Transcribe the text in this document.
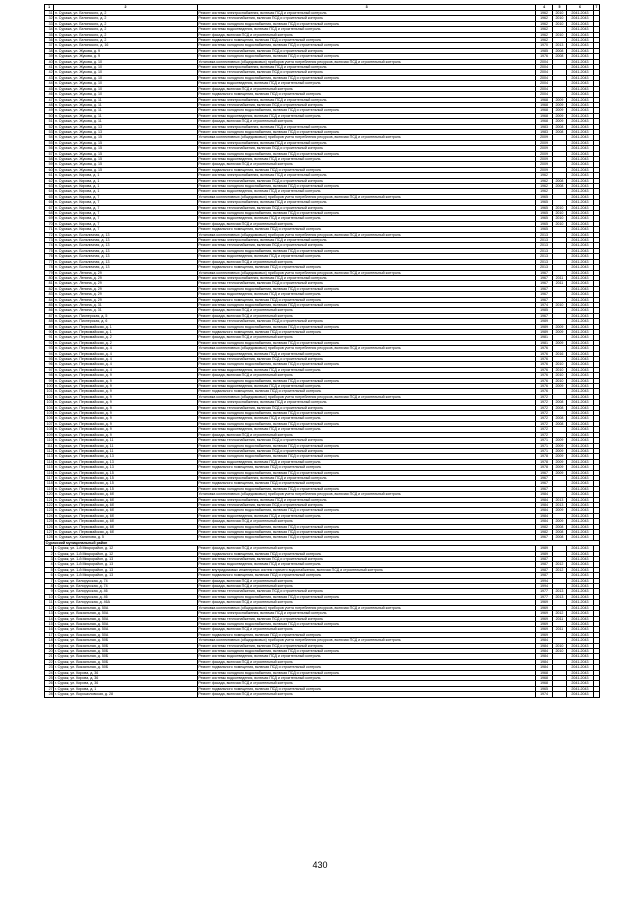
1	2	3	4	5	6	7
31	п. Суража, ул. Белинского, д. 2	Ремонт системы электроснабжения, включая ПСД и строительный контроль	1962	2010	2041-2043	
32	п. Суража, ул. Белинского, д. 2	Ремонт системы теплоснабжения, включая ПСД и строительный контроль	1962	2010	2041-2043	
33	п. Суража, ул. Белинского, д. 2	Ремонт системы холодного водоснабжения, включая ПСД и строительный контроль	1962	2010	2041-2043	
34	п. Суража, ул. Белинского, д. 2	Ремонт системы водоотведения, включая ПСД и строительный контроль	1962		2041-2043	
35	п. Суража, ул. Белинского, д. 2	Ремонт фасада, включая ПСД и строительный контроль	1962	2010	2041-2043	
36	п. Суража, ул. Белинского, д. 2	Ремонт подвального помещения, включая ПСД и строительный контроль	1962		2041-2043	
37	п. Суража, ул. Белинского, д. 16	Ремонт системы холодного водоснабжения, включая ПСД и строительный контроль	1970	2013	2041-2043	
38	п. Суража, ул. Жукова, д. 9	Ремонт системы теплоснабжения, включая ПСД и строительный контроль	1985	2008	2041-2043	
39	п. Суража, ул. Жукова, д. 9	Ремонт системы холодного водоснабжения, включая ПСД и строительный контроль	1976	2008	2041-2043	
40	п. Суража, ул. Жукова, д. 10	Установка коллективных (общедомовых) приборов учета потребления ресурсов, включая ПСД и строительный контроль	2004		2041-2043	
41	п. Суража, ул. Жукова, д. 10	Ремонт системы электроснабжения, включая ПСД и строительный контроль	2004		2041-2043	
42	п. Суража, ул. Жукова, д. 10	Ремонт системы теплоснабжения, включая ПСД и строительный контроль	2004		2041-2043	
43	п. Суража, ул. Жукова, д. 10	Ремонт системы холодного водоснабжения, включая ПСД и строительный контроль	2004		2041-2043	
44	п. Суража, ул. Жукова, д. 10	Ремонт системы водоотведения, включая ПСД и строительный контроль	2004		2041-2043	
45	п. Суража, ул. Жукова, д. 10	Ремонт фасада, включая ПСД и строительный контроль	2004		2041-2043	
46	п. Суража, ул. Жукова, д. 10	Ремонт подвального помещения, включая ПСД и строительный контроль	2004		2041-2043	
47	п. Суража, ул. Жукова, д. 11	Ремонт системы электроснабжения, включая ПСД и строительный контроль	1968	2009	2041-2043	
48	п. Суража, ул. Жукова, д. 11	Ремонт системы теплоснабжения, включая ПСД и строительный контроль	1968	2009	2041-2043	
49	п. Суража, ул. Жукова, д. 11	Ремонт системы холодного водоснабжения, включая ПСД и строительный контроль	1968	2009	2041-2043	
50	п. Суража, ул. Жукова, д. 11	Ремонт системы водоотведения, включая ПСД и строительный контроль	1968	2009	2041-2043	
51	п. Суража, ул. Жукова, д. 11	Ремонт фасада, включая ПСД и строительный контроль	1968	2009	2041-2043	
52	п. Суража, ул. Жукова, д. 13	Ремонт системы электроснабжения, включая ПСД и строительный контроль	1983	2008	2041-2043	
53	п. Суража, ул. Жукова, д. 13	Ремонт системы холодного водоснабжения, включая ПСД и строительный контроль	1983	2008	2041-2043	
54	п. Суража, ул. Жукова, д. 15	Установка коллективных (общедомовых) приборов учета потребления ресурсов, включая ПСД и строительный контроль	2009		2041-2043	
55	п. Суража, ул. Жукова, д. 15	Ремонт системы электроснабжения, включая ПСД и строительный контроль	2009		2041-2043	
56	п. Суража, ул. Жукова, д. 15	Ремонт системы теплоснабжения, включая ПСД и строительный контроль	2009		2041-2043	
57	п. Суража, ул. Жукова, д. 15	Ремонт системы холодного водоснабжения, включая ПСД и строительный контроль	2009		2041-2043	
58	п. Суража, ул. Жукова, д. 15	Ремонт системы водоотведения, включая ПСД и строительный контроль	2009		2041-2043	
59	п. Суража, ул. Жукова, д. 15	Ремонт фасада, включая ПСД и строительный контроль	2009		2041-2043	
60	п. Суражa, ул. Жукова, д. 15	Ремонт подвального помещения, включая ПСД и строительный контроль	2009		2041-2043	
61	п. Суража, ул. Кирова, д. 1	Ремонт системы электроснабжения, включая ПСД и строительный контроль	1962		2041-2043	
62	п. Суража, ул. Кирова, д. 1	Ремонт системы теплоснабжения, включая ПСД и строительный контроль	1962	2008	2041-2043	
63	п. Суража, ул. Кирова, д. 1	Ремонт системы холодного водоснабжения, включая ПСД и строительный контроль	1962	2008	2041-2043	
64	п. Суража, ул. Кирова, д. 1	Ремонт системы водоотведения, включая ПСД и строительный контроль	1962		2041-2043	
65	п. Суража, ул. Кирова, д. 7	Установка коллективных (общедомовых) приборов учета потребления ресурсов, включая ПСД и строительный контроль	1965		2041-2043	
66	п. Суража, ул. Кирова, д. 7	Ремонт системы электроснабжения, включая ПСД и строительный контроль	1965		2041-2043	
67	п. Суража, ул. Кирова, д. 7	Ремонт системы теплоснабжения, включая ПСД и строительный контроль	1965	2010	2041-2043	
68	п. Суража, ул. Кирова, д. 7	Ремонт системы холодного водоснабжения, включая ПСД и строительный контроль	1965	2010	2041-2043	
69	п. Суража, ул. Кирова, д. 7	Ремонт системы водоотведения, включая ПСД и строительный контроль	1965	2010	2041-2043	
70	п. Суража, ул. Кирова, д. 7	Ремонт фасада, включая ПСД и строительный контроль	1965	2010	2041-2043	
71	п. Суража, ул. Кирова, д. 7	Ремонт подвального помещения, включая ПСД и строительный контроль	1965		2041-2043	
72	п. Суража, ул. Больничная, д. 13	Установка коллективных (общедомовых) приборов учета потребления ресурсов, включая ПСД и строительный контроль	2013		2041-2043	
73	п. Суража, ул. Больничная, д. 13	Ремонт системы электроснабжения, включая ПСД и строительный контроль	2013		2041-2043	
74	п. Суража, ул. Больничная, д. 13	Ремонт системы теплоснабжения, включая ПСД и строительный контроль	2013		2041-2043	
75	п. Суража, ул. Больничная, д. 13	Ремонт системы холодного водоснабжения, включая ПСД и строительный контроль	2013		2041-2043	
76	п. Суража, ул. Больничная, д. 13	Ремонт системы водоотведения, включая ПСД и строительный контроль	2013		2041-2043	
77	п. Суража, ул. Больничная, д. 13	Ремонт фасада, включая ПСД и строительный контроль	2013		2041-2043	
78	п. Суража, ул. Больничная, д. 13	Ремонт подвального помещения, включая ПСД и строительный контроль	2013		2041-2043	
79	п. Суража, ул. Ленина, д. 29	Установка коллективных (общедомовых) приборов учета потребления ресурсов, включая ПСД и строительный контроль	1967		2041-2043	
80	п. Суража, ул. Ленина, д. 29	Ремонт системы электроснабжения, включая ПСД и строительный контроль	1967	2011	2041-2043	
81	п. Суража, ул. Ленина, д. 29	Ремонт системы теплоснабжения, включая ПСД и строительный контроль	1967	2011	2041-2043	
82	п. Суража, ул. Ленина, д. 29	Ремонт системы холодного водоснабжения, включая ПСД и строительный контроль	1967		2041-2043	
83	п. Суража, ул. Ленина, д. 29	Ремонт системы водоотведения, включая ПСД и строительный контроль	1967		2041-2043	
84	п. Суража, ул. Ленина, д. 29	Ремонт подвального помещения, включая ПСД и строительный контроль	1967		2041-2043	
85	п. Суража, ул. Ленина, д. 31	Ремонт системы холодного водоснабжения, включая ПСД и строительный контроль	1974	2010	2041-2043	
86	п. Суража, ул. Ленина, д. 31	Ремонт фасада, включая ПСД и строительный контроль	1985		2041-2043	
87	п. Суражa, ул. Пионерская, д. 5	Ремонт фасада, включая ПСД и строительный контроль	1967		2041-2043	
88	п. Суража, ул. Пионерская, д. 6	Ремонт системы теплоснабжения, включая ПСД и строительный контроль	1989		2041-2043	
89	п. Суража, ул. Первомайская, д. 1	Ремонт системы холодного водоснабжения, включая ПСД и строительный контроль	1989	2009	2041-2043	
90	п. Суража, ул. Первомайская, д. 1	Ремонт подвального помещения, включая ПСД и строительный контроль	1989	2009	2041-2043	
91	п. Суража, ул. Первомайская, д. 2	Ремонт фасада, включая ПСД и строительный контроль	1981		2041-2043	
92	п. Суража, ул. Первомайская, д. 2	Ремонт системы холодного водоснабжения, включая ПСД и строительный контроль	1981	2009	2041-2043	
93	п. Суража, ул. Первомайская, д. 4	Установка коллективных (общедомовых) приборов учета потребления ресурсов, включая ПСД и строительный контроль	1976		2041-2043	
94	п. Суража, ул. Первомайская, д. 4	Ремонт системы водоотведения, включая ПСД и строительный контроль	1976	2016	2041-2043	
95	п. Суража, ул. Первомайская, д. 4	Ремонт системы теплоснабжения, включая ПСД и строительный контроль	1976		2041-2043	
96	п. Суража, ул. Первомайская, д. 4	Ремонт системы холодного водоснабжения, включая ПСД и строительный контроль	1976	2010	2041-2043	
97	п. Суража, ул. Первомайская, д. 4	Ремонт системы водоотведения, включая ПСД и строительный контроль	1976	2010	2041-2043	
98	п. Суража, ул. Первомайская, д. 9	Ремонт фасада, включая ПСД и строительный контроль	1976	2010	2041-2043	
99	п. Суража, ул. Первомайская, д. 9	Ремонт системы холодного водоснабжения, включая ПСД и строительный контроль	1976	2010	2041-2043	
100	п. Суража, ул. Первомайская, д. 9	Ремонт системы водоотведения, включая ПСД и строительный контроль	1976	2009	2041-2043	
101	п. Суража, ул. Первомайская, д. 9	Ремонт подвального помещения, включая ПСД и строительный контроль	1976		2041-2043	
102	п. Суража, ул. Первомайская, д. 9	Установка коллективных (общедомовых) приборов учета потребления ресурсов, включая ПСД и строительный контроль	1972		2041-2043	
103	п. Суража, ул. Первомайская, д. 9	Ремонт системы электроснабжения, включая ПСД и строительный контроль	1972	2008	2041-2043	
104	п. Суража, ул. Первомайская, д. 9	Ремонт системы теплоснабжения, включая ПСД и строительный контроль	1972	2008	2041-2043	
105	п. Суража, ул. Первомайская, д. 9	Ремонт системы холодного водоснабжения, включая ПСД и строительный контроль	1972		2041-2043	
106	п. Суража, ул. Первомайская, д. 9	Ремонт системы водоотведения, включая ПСД и строительный контроль	1972	2008	2041-2043	
107	п. Суража, ул. Первомайская, д. 9	Ремонт системы холодного водоснабжения, включая ПСД и строительный контроль	1972	2008	2041-2043	
108	п. Суража, ул. Первомайская, д. 9	Ремонт системы водоотведения, включая ПСД и строительный контроль	1972		2041-2043	
109	п. Суража, ул. Первомайская, д. 9	Ремонт фасада, включая ПСД и строительный контроль	1972		2041-2043	
110	п. Суража, ул. Первомайская, д. 11	Ремонт системы теплоснабжения, включая ПСД и строительный контроль	1971	2009	2041-2043	
111	п. Суража, ул. Первомайская, д. 11	Ремонт системы холодного водоснабжения, включая ПСД и строительный контроль	1971	2009	2041-2043	
112	п. Суража, ул. Первомайская, д. 11	Ремонт системы теплоснабжения, включая ПСД и строительный контроль	1971	2009	2041-2043	
113	п. Суража, ул. Первомайская, д. 13	Ремонт системы холодного водоснабжения, включая ПСД и строительный контроль	1978	2009	2041-2043	
114	п. Суража, ул. Первомайская, д. 13	Ремонт системы водоотведения, включая ПСД и строительный контроль	1978	2009	2041-2043	
115	п. Суража, ул. Первомайская, д. 13	Ремонт подвального помещения, включая ПСД и строительный контроль	1978	2009	2041-2043	
116	п. Суража, ул. Первомайская, д. 15	Ремонт системы холодного водоснабжения, включая ПСД и строительный контроль	1967	2009	2041-2043	
117	п. Суража, ул. Первомайская, д. 15	Ремонт системы электроснабжения, включая ПСД и строительный контроль	1967		2041-2043	
118	п. Суража, ул. Первомайская, д. 15	Ремонт подвального помещения, включая ПСД и строительный контроль	1967		2041-2043	
119	п. Суража, ул. Первомайская, д. 15	Ремонт системы холодного водоснабжения, включая ПСД и строительный контроль	1967		2041-2043	
120	п. Суража, ул. Первомайская, д. 6б	Установка коллективных (общедомовых) приборов учета потребления ресурсов, включая ПСД и строительный контроль	1984		2041-2043	
121	п. Суража, ул. Первомайская, д. 6б	Ремонт системы электроснабжения, включая ПСД и строительный контроль	1984	2013	2041-2043	
122	п. Суража, ул. Первомайская, д. 6б	Ремонт системы теплоснабжения, включая ПСД и строительный контроль	1984	2013	2041-2043	
123	п. Суража, ул. Первомайская, д. 6б	Ремонт системы холодного водоснабжения, включая ПСД и строительный контроль	1984	2009	2041-2043	
124	п. Суража, ул. Первомайская, д. 6б	Ремонт системы водоотведения, включая ПСД и строительный контроль	1984		2041-2043	
125	п. Суража, ул. Первомайская, д. 6б	Ремонт фасада, включая ПСД и строительный контроль	1984	2009	2041-2043	
126	п. Суража, ул. Первомайская, д. 6б	Ремонт системы холодного водоснабжения, включая ПСД и строительный контроль	1982	2008	2041-2043	
127	п. Суража, ул. Первомайская, д. 6б	Ремонт системы холодного водоснабжения, включая ПСД и строительный контроль	1982	2008	2041-2043	
128	п. Суража, ул. Халилова, д. 5	Ремонт системы холодного водоснабжения, включая ПСД и строительный контроль	1967	2008	2041-2043	
Суражский муниципальный район						
1	г. Сураж, ул. 1-й Микрорайон, д. 12	Ремонт фасада, включая ПСД и строительный контроль	1989		2041-2043	
2	г. Сураж, ул. 1-й Микрорайон, д. 12	Ремонт подвального помещения, включая ПСД и строительный контроль	1989		2041-2043	
3	г. Сураж, ул. 1-й Микрорайон, д. 13	Ремонт системы теплоснабжения, включая ПСД и строительный контроль	1987		2041-2043	
4	г. Сураж, ул. 1-й Микрорайон, д. 13	Ремонт системы водоотведения, включая ПСД и строительный контроль	1987	2012	2041-2043	
5	г. Сураж, ул. 1-й Микрорайон, д. 13	Ремонт внутридомовых инженерных систем горячего водоснабжения, включая ПСД и строительный контроль	1987	2012	2041-2043	
6	г. Сураж, ул. 1-й Микрорайон, д. 13	Ремонт подвального помещения, включая ПСД и строительный контроль	1987		2041-2043	
7	г. Сураж, ул. Белорусская, д. 74	Ремонт фасада, включая ПСД и строительный контроль	1994		2041-2043	
8	г. Сураж, ул. Белорусская, д. 74	Ремонт фасада, включая ПСД и строительный контроль	1994		2041-2043	
9	г. Сураж, ул. Белорусская, д. 46	Ремонт системы теплоснабжения, включая ПСД и строительный контроль	1977	2013	2041-2043	
10	г. Сураж, ул. Белорусская, д. 46	Ремонт системы холодного водоснабжения, включая ПСД и строительный контроль	1977	2013	2041-2043	
11	г. Сураж, ул. Белорусская, д. 46А	Ремонт фасада, включая ПСД и строительный контроль	1969		2041-2043	
12	г. Сураж, ул. Вокзальная, д. 50А	Установка коллективных (общедомовых) приборов учета потребления ресурсов, включая ПСД и строительный контроль	1969		2041-2043	
13	г. Сураж, ул. Вокзальная, д. 50А	Ремонт системы электроснабжения, включая ПСД и строительный контроль	1969	2012	2041-2043	
14	г. Сураж, ул. Вокзальная, д. 50А	Ремонт системы теплоснабжения, включая ПСД и строительный контроль	1969	2011	2041-2043	
15	г. Сураж, ул. Вокзальная, д. 50А	Ремонт системы холодного водоснабжения, включая ПСД и строительный контроль	1969		2041-2043	
16	г. Сураж, ул. Вокзальная, д. 50А	Ремонт фасада, включая ПСД и строительный контроль	1969	2011	2041-2043	
17	г. Сураж, ул. Вокзальная, д. 50А	Ремонт подвального помещения, включая ПСД и строительный контроль	1969		2041-2043	
18	г. Сураж, ул. Вокзальная, д. 50Б	Установка коллективных (общедомовых) приборов учета потребления ресурсов, включая ПСД и строительный контроль	1984		2041-2043	
19	г. Сураж, ул. Вокзальная, д. 50Б	Ремонт системы теплоснабжения, включая ПСД и строительный контроль	1984	2010	2041-2043	
20	г. Сураж, ул. Вокзальная, д. 50Б	Ремонт системы холодного водоснабжения, включая ПСД и строительный контроль	1984	2010	2041-2043	
21	г. Сураж, ул. Вокзальная, д. 50Б	Ремонт системы водоотведения, включая ПСД и строительный контроль	1984		2041-2043	
22	г. Сураж, ул. Вокзальная, д. 50Б	Ремонт фасада, включая ПСД и строительный контроль	1984		2041-2043	
23	г. Сураж, ул. Вокзальная, д. 50Б	Ремонт подвального помещения, включая ПСД и строительный контроль	1984		2041-2043	
24	г. Сураж, ул. Кирова, д. 36	Ремонт системы холодного водоснабжения, включая ПСД и строительный контроль	1968		2041-2043	
25	г. Сураж, ул. Кирова, д. 36	Ремонт системы водоотведения, включая ПСД и строительный контроль	1968		2041-2043	
26	г. Сураж, ул. Кирова, д. 36	Ремонт фасада, включая ПСД и строительный контроль	1968		2041-2043	
27	г. Сураж, ул. Кирова, д. 1	Ремонт подвального помещения, включая ПСД и строительный контроль	1965		2041-2043	
28	г. Сураж, ул. Ворошиловская, д. 28	Ремонт фасада, включая ПСД и строительный контроль	1974		2041-2043	
430
